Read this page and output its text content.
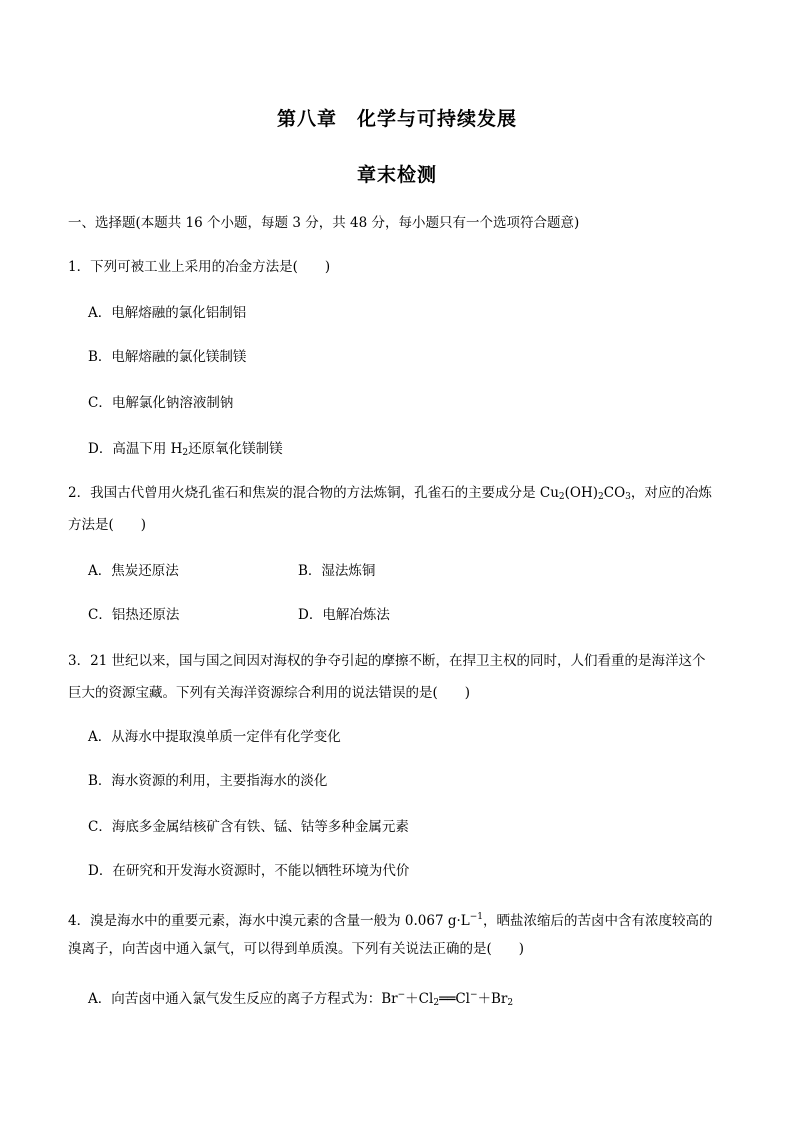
第八章　化学与可持续发展
章末检测
一、选择题(本题共 16 个小题，每题 3 分，共 48 分，每小题只有一个选项符合题意)
1．下列可被工业上采用的冶金方法是(　　)
A．电解熔融的氯化铝制铝
B．电解熔融的氯化镁制镁
C．电解氯化钠溶液制钠
D．高温下用 $H_2$还原氧化镁制镁
2．我国古代曾用火烧孔雀石和焦炭的混合物的方法炼铜，孔雀石的主要成分是 $Cu_2(OH)_2CO_3$，对应的冶炼
方法是(　　)
A．焦炭还原法	B．湿法炼铜
C．铝热还原法	D．电解冶炼法
3．21 世纪以来，国与国之间因对海权的争夺引起的摩擦不断，在捍卫主权的同时，人们看重的是海洋这个
巨大的资源宝藏。下列有关海洋资源综合利用的说法错误的是(　　)
A．从海水中提取溴单质一定伴有化学变化
B．海水资源的利用，主要指海水的淡化
C．海底多金属结核矿含有铁、锰、钴等多种金属元素
D．在研究和开发海水资源时，不能以牺牲环境为代价
4．溴是海水中的重要元素，海水中溴元素的含量一般为 0.067 $g\cdot L^{-1}$，晒盐浓缩后的苦卤中含有浓度较高的
溴离子，向苦卤中通入氯气，可以得到单质溴。下列有关说法正确的是(　　)
A．向苦卤中通入氯气发生反应的离子方程式为：$Br^-+Cl_2══Cl^-+Br_2$
